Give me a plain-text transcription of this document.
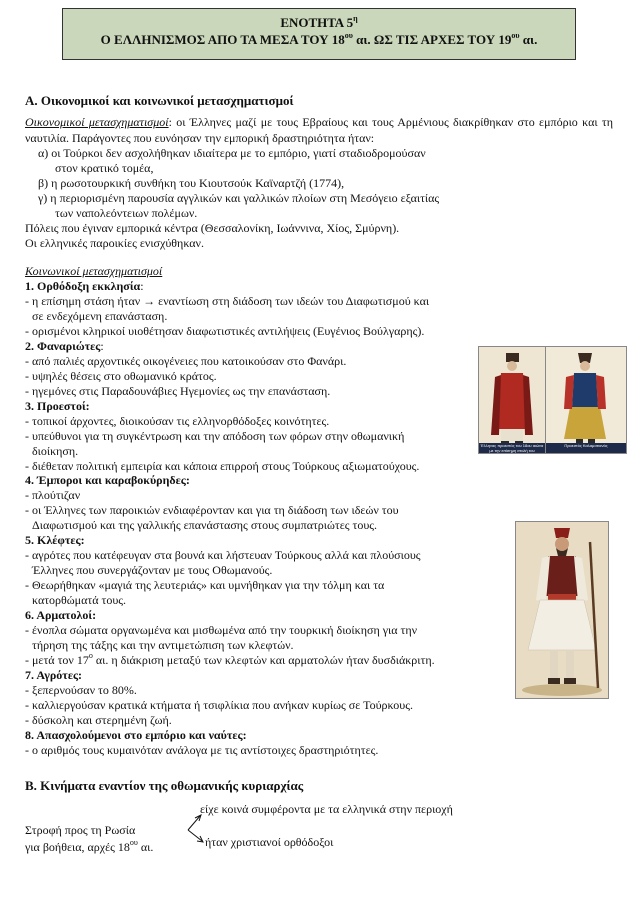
ΕΝΟΤΗΤΑ $5^\eta$
Ο ΕΛΛΗΝΙΣΜΟΣ ΑΠΟ ΤΑ ΜΕΣΑ ΤΟΥ $18^{o\upsilon}$ αι. ΩΣ ΤΙΣ ΑΡΧΕΣ ΤΟΥ $19^{o\upsilon}$ αι.
Α. Οικονομικοί και κοινωνικοί μετασχηματισμοί
Οικονομικοί μετασχηματισμοί: οι Έλληνες μαζί με τους Εβραίους και τους Αρμένιους διακρίθηκαν στο εμπόριο και τη ναυτιλία. Παράγοντες που ευνόησαν την εμπορική δραστηριότητα ήταν:
α) οι Τούρκοι δεν ασχολήθηκαν ιδιαίτερα με το εμπόριο, γιατί σταδιοδρομούσαν
στον κρατικό τομέα,
β) η ρωσοτουρκική συνθήκη του Κιουτσούκ Καϊναρτζή (1774),
γ) η περιορισμένη παρουσία αγγλικών και γαλλικών πλοίων στη Μεσόγειο εξαιτίας
των ναπολεόντειων πολέμων.
Πόλεις που έγιναν εμπορικά κέντρα (Θεσσαλονίκη, Ιωάννινα, Χίος, Σμύρνη).
Οι ελληνικές παροικίες ενισχύθηκαν.
Κοινωνικοί μετασχηματισμοί
1. Ορθόδοξη εκκλησία:
- η επίσημη στάση ήταν → εναντίωση στη διάδοση των ιδεών του Διαφωτισμού και
σε ενδεχόμενη επανάσταση.
- ορισμένοι κληρικοί υιοθέτησαν διαφωτιστικές αντιλήψεις (Ευγένιος Βούλγαρης).
2. Φαναριώτες:
- από παλιές αρχοντικές οικογένειες που κατοικούσαν στο Φανάρι.
- υψηλές θέσεις στο οθωμανικό κράτος.
- ηγεμόνες στις Παραδουνάβιες Ηγεμονίες ως την επανάσταση.
3. Προεστοί:
- τοπικοί άρχοντες, διοικούσαν τις ελληνορθόδοξες κοινότητες.
- υπεύθυνοι για τη συγκέντρωση και την απόδοση των φόρων στην οθωμανική
διοίκηση.
- διέθεταν πολιτική εμπειρία και κάποια επιρροή στους Τούρκους αξιωματούχους.
4. Έμποροι και καραβοκύρηδες:
- πλούτιζαν
- οι Έλληνες των παροικιών ενδιαφέρονταν και για τη διάδοση των ιδεών του
Διαφωτισμού και της γαλλικής επανάστασης στους συμπατριώτες τους.
5. Κλέφτες:
- αγρότες που κατέφευγαν στα βουνά και λήστευαν Τούρκους αλλά και πλούσιους
Έλληνες που συνεργάζονταν με τους Οθωμανούς.
- Θεωρήθηκαν «μαγιά της λευτεριάς» και υμνήθηκαν για την τόλμη και τα
κατορθώματά τους.
6. Αρματολοί:
- ένοπλα σώματα οργανωμένα και μισθωμένα από την τουρκική διοίκηση για την
τήρηση της τάξης και την αντιμετώπιση των κλεφτών.
- μετά τον $17^o$ αι. η διάκριση μεταξύ των κλεφτών και αρματολών ήταν δυσδιάκριτη.
7. Αγρότες:
- ξεπερνούσαν το 80%.
- καλλιεργούσαν κρατικά κτήματα ή τσιφλίκια που ανήκαν κυρίως σε Τούρκους.
- δύσκολη και στερημένη ζωή.
8. Απασχολούμενοι στο εμπόριο και ναύτες:
- ο αριθμός τους κυμαινόταν ανάλογα με τις αντίστοιχες δραστηριότητες.
Β. Κινήματα εναντίον της οθωμανικής κυριαρχίας
είχε κοινά συμφέροντα με τα ελληνικά στην περιοχή
Στροφή προς τη Ρωσία
για βοήθεια, αρχές $18^{o\upsilon}$ αι.	ήταν χριστιανοί ορθόδοξοι
Έλληνας προεστός του 18ου αιώνα με την επίσημη στολή του
Προεστός Καλαματιανός
